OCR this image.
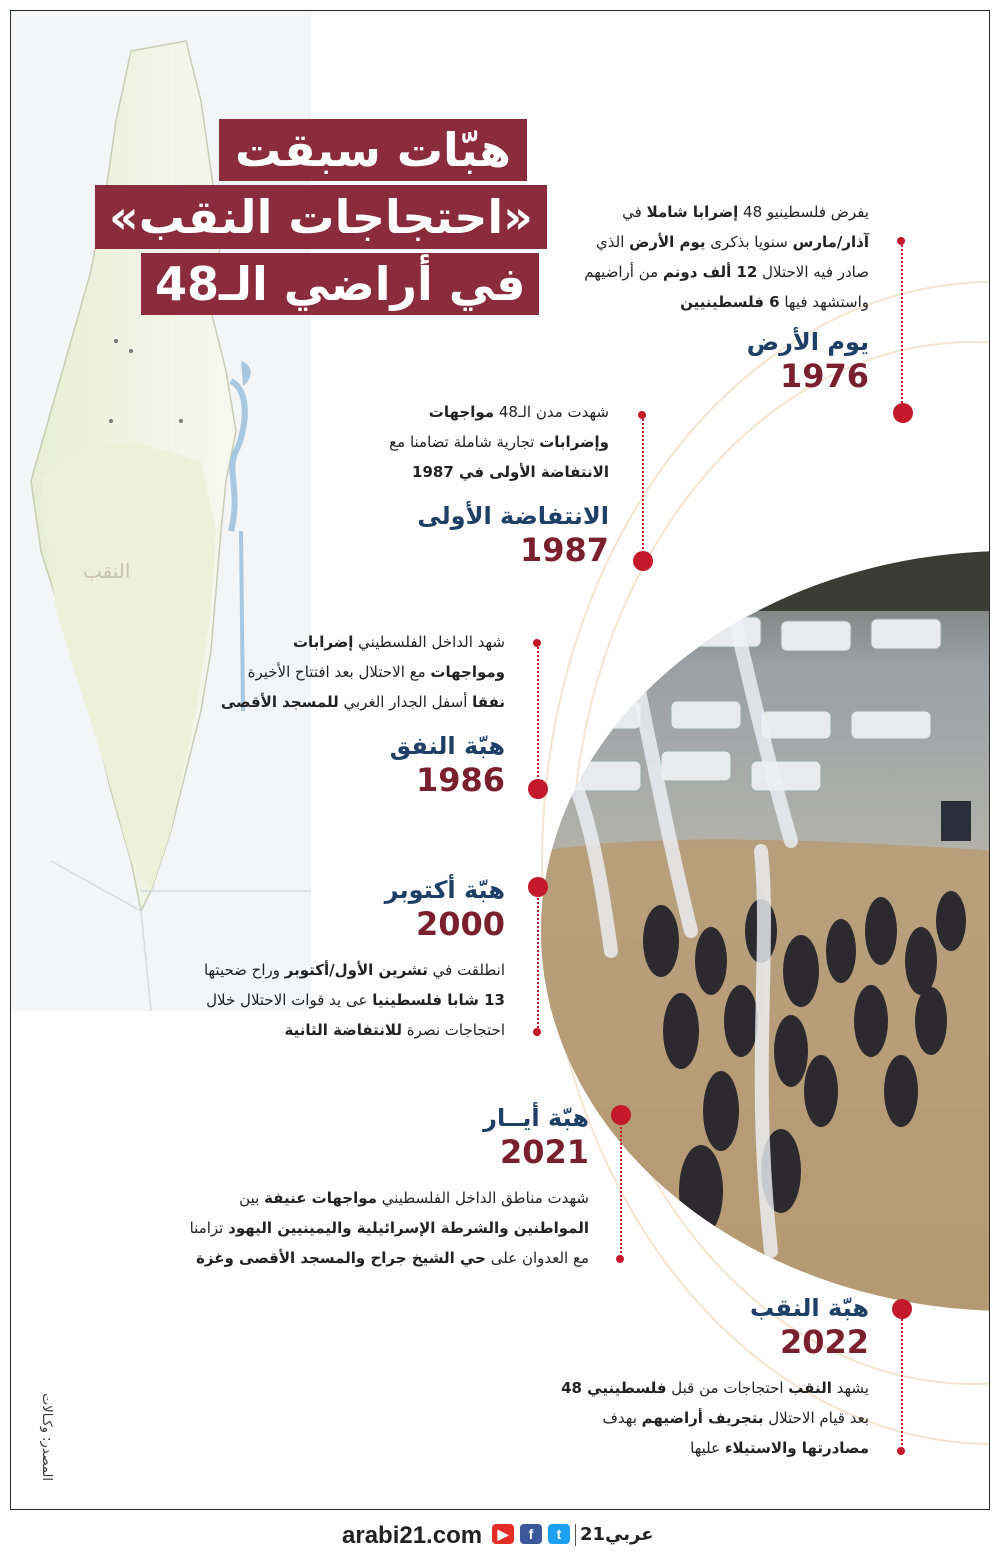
النقب
هبّات سبقت
«احتجاجات النقب»
في أراضي الـ48
يفرض فلسطينيو 48 إضرابا شاملا في
آذار/مارس سنويا بذكرى يوم الأرض الذي
صادر فيه الاحتلال 12 ألف دونم من أراضيهم
واستشهد فيها 6 فلسطينيين
يوم الأرض
1976
شهدت مدن الـ48 مواجهات
وإضرابات تجارية شاملة تضامنا مع
الانتفاضة الأولى في 1987
الانتفاضة الأولى
1987
شهد الداخل الفلسطيني إضرابات
ومواجهات مع الاحتلال بعد افتتاح الأخيرة
نفقا أسفل الجدار الغربي للمسجد الأقصى
هبّة النفق
1986
هبّة أكتوبر
2000
انطلقت في تشرين الأول/أكتوبر وراح ضحيتها
13 شابا فلسطينيا عى يد قوات الاحتلال خلال
احتجاجات نصرة للانتفاضة الثانية
هبّة أيــار
2021
شهدت مناطق الداخل الفلسطيني مواجهات عنيفة بين
المواطنين والشرطة الإسرائيلية واليمينيين اليهود تزامنا
مع العدوان على حي الشيخ جراح والمسجد الأقصى وغزة
هبّة النقب
2022
يشهد النقب احتجاجات من قبل فلسطينيي 48
بعد قيام الاحتلال بتجريف أراضيهم بهدف
مصادرتها والاستيلاء عليها
المصدر: وكـالات
arabi21.com	▶	f	t	عربي21
